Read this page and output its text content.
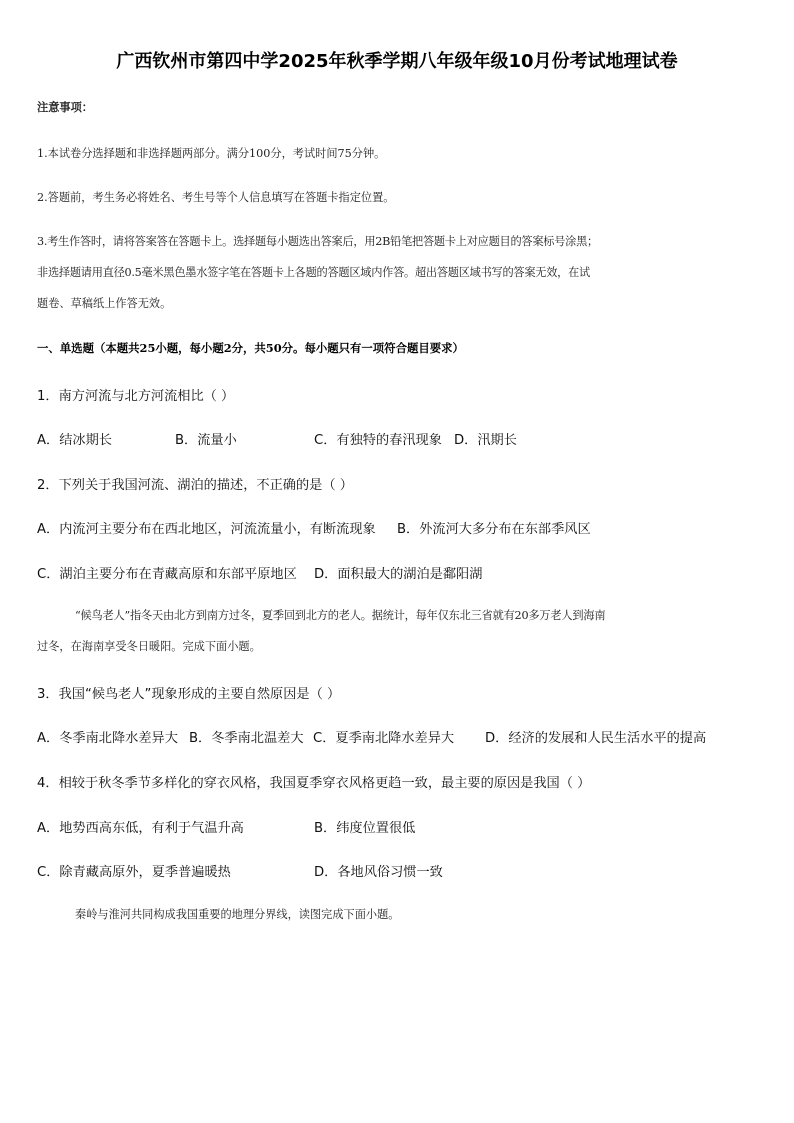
广西钦州市第四中学2025年秋季学期八年级年级10月份考试地理试卷
注意事项：
1.本试卷分选择题和非选择题两部分。满分100分，考试时间75分钟。
2.答题前，考生务必将姓名、考生号等个人信息填写在答题卡指定位置。
3.考生作答时，请将答案答在答题卡上。选择题每小题选出答案后，用2B铅笔把答题卡上对应题目的答案标号涂黑；
非选择题请用直径0.5毫米黑色墨水签字笔在答题卡上各题的答题区域内作答。超出答题区域书写的答案无效，在试
题卷、草稿纸上作答无效。
一、单选题（本题共25小题，每小题2分，共50分。每小题只有一项符合题目要求）
1．南方河流与北方河流相比（ ）
A．结冰期长	B．流量小	C．有独特的春汛现象 D．汛期长
2．下列关于我国河流、湖泊的描述，不正确的是（ ）
A．内流河主要分布在西北地区，河流流量小，有断流现象 B．外流河大多分布在东部季风区
C．湖泊主要分布在青藏高原和东部平原地区 D．面积最大的湖泊是鄱阳湖
“候鸟老人”指冬天由北方到南方过冬，夏季回到北方的老人。据统计，每年仅东北三省就有20多万老人到海南
过冬，在海南享受冬日暖阳。完成下面小题。
3．我国“候鸟老人”现象形成的主要自然原因是（ ）
A．冬季南北降水差异大 B．冬季南北温差大 C．夏季南北降水差异大 D．经济的发展和人民生活水平的提高
4．相较于秋冬季节多样化的穿衣风格，我国夏季穿衣风格更趋一致，最主要的原因是我国（ ）
A．地势西高东低，有利于气温升高	B．纬度位置很低
C．除青藏高原外，夏季普遍暖热	D．各地风俗习惯一致
秦岭与淮河共同构成我国重要的地理分界线，读图完成下面小题。
